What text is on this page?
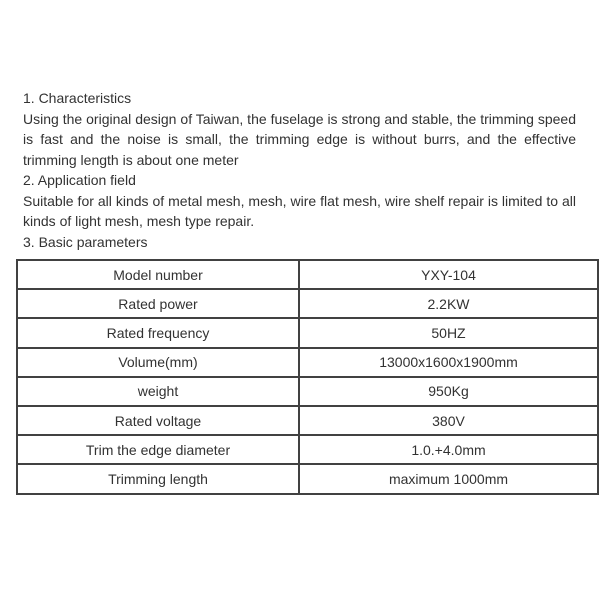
1. Characteristics

Using the original design of Taiwan, the fuselage is strong and stable, the trimming speed is fast and the noise is small, the trimming edge is without burrs, and the effective trimming length is about one meter

2. Application field

Suitable for all kinds of metal mesh, mesh, wire flat mesh, wire shelf repair is limited to all kinds of light mesh, mesh type repair.

3. Basic parameters

Model number	YXY-104
Rated power	2.2KW
Rated frequency	50HZ
Volume(mm)	13000x1600x1900mm
weight	950Kg
Rated voltage	380V
Trim the edge diameter	1.0.+4.0mm
Trimming length	maximum 1000mm
